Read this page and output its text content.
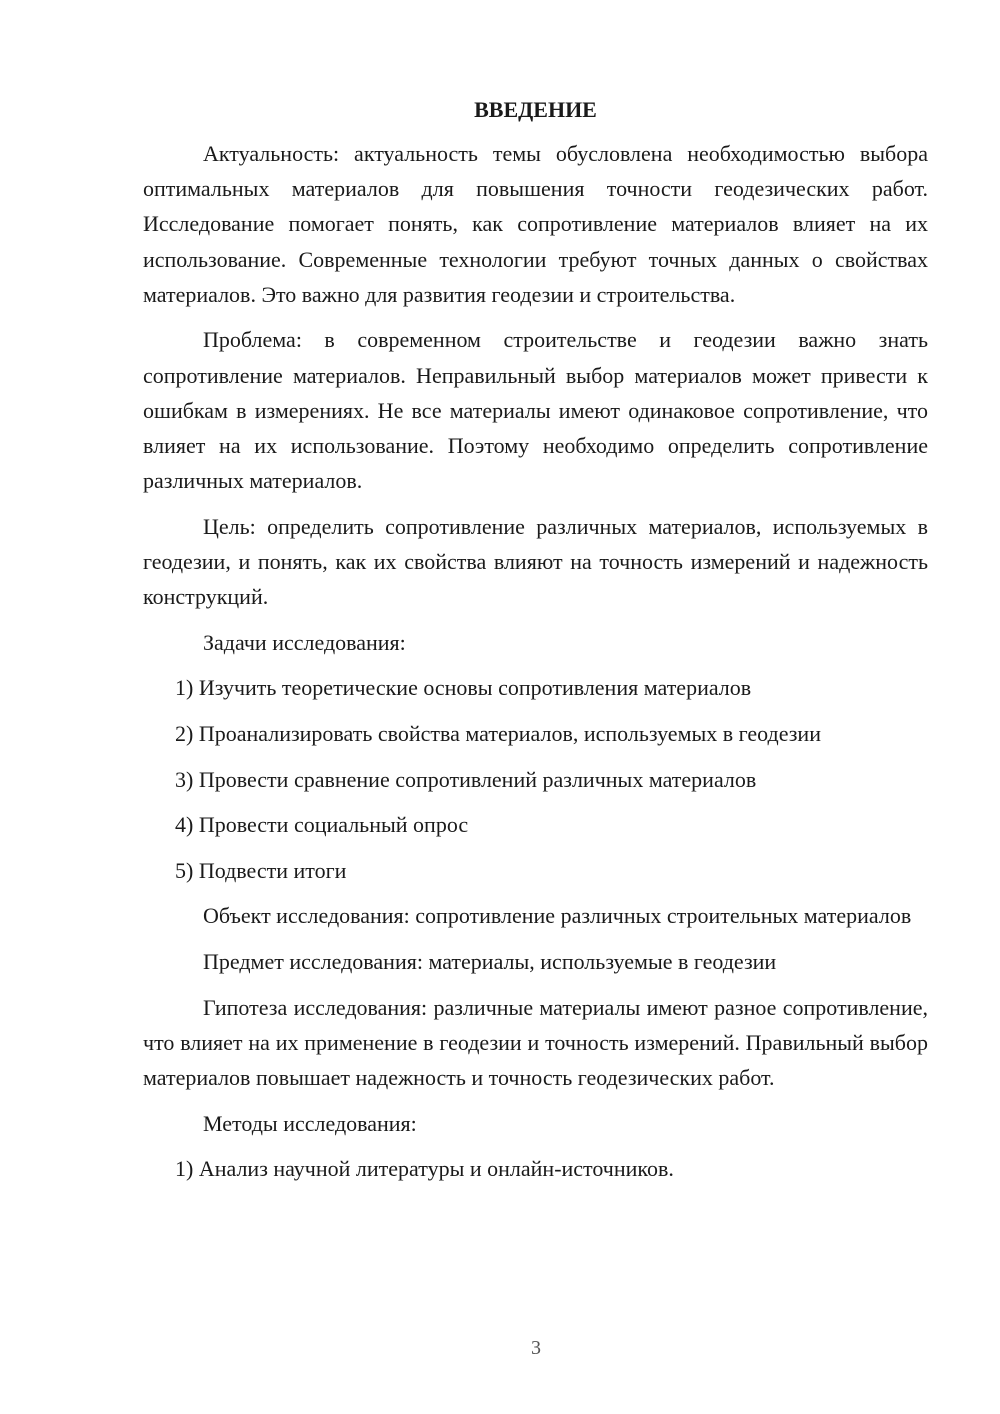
ВВЕДЕНИЕ

Актуальность: актуальность темы обусловлена необходимостью выбора оптимальных материалов для повышения точности геодезических работ. Исследование помогает понять, как сопротивление материалов влияет на их использование. Современные технологии требуют точных данных о свойствах материалов. Это важно для развития геодезии и строительства.

Проблема: в современном строительстве и геодезии важно знать сопротивление материалов. Неправильный выбор материалов может привести к ошибкам в измерениях. Не все материалы имеют одинаковое сопротивление, что влияет на их использование. Поэтому необходимо определить сопротивление различных материалов.

Цель: определить сопротивление различных материалов, используемых в геодезии, и понять, как их свойства влияют на точность измерений и надежность конструкций.

Задачи исследования:

1) Изучить теоретические основы сопротивления материалов

2) Проанализировать свойства материалов, используемых в геодезии

3) Провести сравнение сопротивлений различных материалов

4) Провести социальный опрос

5) Подвести итоги

Объект исследования: сопротивление различных строительных материалов

Предмет исследования: материалы, используемые в геодезии

Гипотеза исследования: различные материалы имеют разное сопротивление, что влияет на их применение в геодезии и точность измерений. Правильный выбор материалов повышает надежность и точность геодезических работ.

Методы исследования:

1) Анализ научной литературы и онлайн-источников.

3
